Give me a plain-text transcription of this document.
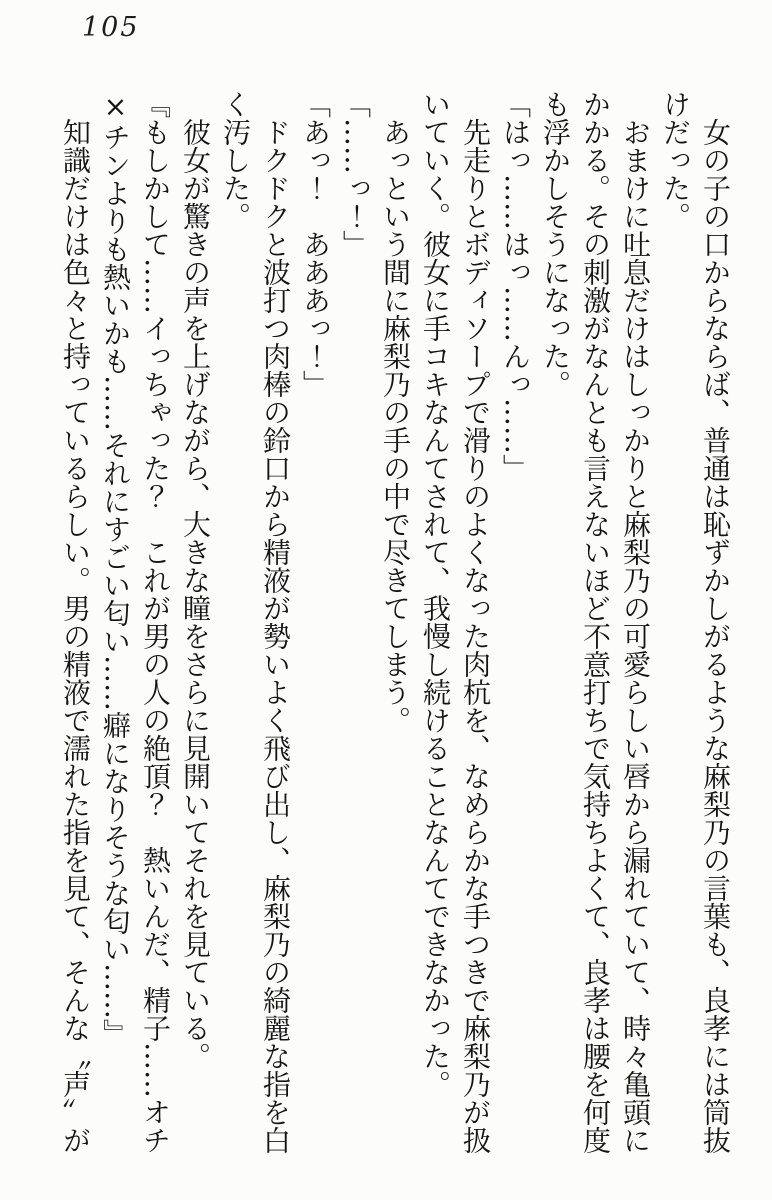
105
　女の子の口からならば、普通は恥ずかしがるような麻梨乃の言葉も、良孝には筒抜
けだった。
　おまけに吐息だけはしっかりと麻梨乃の可愛らしい唇から漏れていて、時々亀頭に
かかる。その刺激がなんとも言えないほど不意打ちで気持ちよくて、良孝は腰を何度
も浮かしそうになった。
「はっ……はっ……んっ……」
　先走りとボディソープで滑りのよくなった肉杭を、なめらかな手つきで麻梨乃が扱
いていく。彼女に手コキなんてされて、我慢し続けることなんてできなかった。
　あっという間に麻梨乃の手の中で尽きてしまう。
「……っ！」
「あっ！　あああっ！」
　ドクドクと波打つ肉棒の鈴口から精液が勢いよく飛び出し、麻梨乃の綺麗な指を白
く汚した。
　彼女が驚きの声を上げながら、大きな瞳をさらに見開いてそれを見ている。
『もしかして……イっちゃった？　これが男の人の絶頂？　熱いんだ、精子……オチ
×チンよりも熱いかも……それにすごい匂い……癖になりそうな匂い……』
　知識だけは色々と持っているらしい。男の精液で濡れた指を見て、そんな〝声〟が
